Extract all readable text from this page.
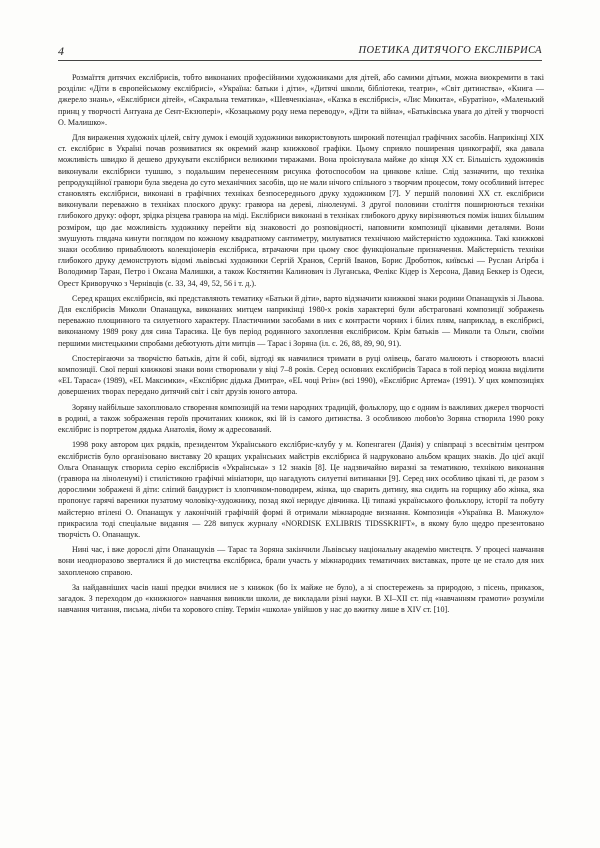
4	ПОЕТИКА ДИТЯЧОГО ЕКСЛІБРИСА

Розмаїття дитячих екслібрисів, тобто виконаних професійними художниками для дітей, або самими дітьми, можна виокремити в такі розділи: «Діти в європейському екслібрисі», «Україна: батьки і діти», «Дитячі школи, бібліотеки, театри», «Світ дитинства», «Книга — джерело знань», «Екслібриси дітей», «Сакральна тематика», «Шевченкіана», «Казка в екслібрисі», «Лис Микита», «Буратіно», «Маленький принц у творчості Антуана де Сент-Екзюпері», «Козацькому роду нема переводу», «Діти та війна», «Батьківська увага до дітей у творчості О. Малишко».

Для вираження художніх цілей, світу думок і емоцій художники використовують широкий потенціал графічних засобів. Наприкінці XIX ст. екслібрис в Україні почав розвиватися як окремий жанр книжкової графіки. Цьому сприяло поширення цинкографії, яка давала можливість швидко й дешево друкувати екслібриси великими тиражами. Вона проіснувала майже до кінця XX ст. Більшість художників виконували екслібриси тушшю, з подальшим перенесенням рисунка фотоспособом на цинкове кліше. Слід зазначити, що техніка репродукційної гравюри була зведена до суто механічних засобів, що не мали нічого спільного з творчим процесом, тому особливий інтерес становлять екслібриси, виконані в графічних техніках безпосереднього друку художником [7]. У першій половині XX ст. екслібриси виконували переважно в техніках плоского друку: гравюра на дереві, ліноленумі. З другої половини століття поширюються техніки глибокого друку: офорт, зрідка різцева гравюра на міді. Екслібриси виконані в техніках глибокого друку вирізняються поміж інших більшим розміром, що дає можливість художнику перейти від знаковості до розповідності, наповнити композиції цікавими деталями. Вони змушують глядача кинути поглядом по кожному квадратному сантиметру, милуватися технічною майстерністю художника. Такі книжкові знаки особливо приваблюють колекціонерів екслібриса, втрачаючи при цьому своє функціональне призначення. Майстерність техніки глибокого друку демонструють відомі львівські художники Сергій Хранов, Сергій Іванов, Борис Дроботюк, київські — Руслан Агірба і Володимир Таран, Петро і Оксана Малишки, а також Костянтин Калинович із Луганська, Фелікс Кідер із Херсона, Давид Беккер із Одеси, Орест Криворучко з Чернівців (с. 33, 34, 49, 52, 56 і т. д.).

Серед кращих екслібрисів, які представляють тематику «Батьки й діти», варто відзначити книжкові знаки родини Опанащуків зі Львова. Для екслібрисів Миколи Опанащука, виконаних митцем наприкінці 1980-х років характерні були абстраговані композиції зображень переважно площинного та силуетного характеру. Пластичними засобами в них є контрасти чорних і білих плям, наприклад, в екслібрисі, виконаному 1989 року для сина Тарасика. Це був період родинного захоплення екслібрисом. Крім батьків — Миколи та Ольги, своїми першими мистецькими спробами дебютують діти митців — Тарас і Зоряна (іл. с. 26, 88, 89, 90, 91).

Спостерігаючи за творчістю батьків, діти й собі, відтоді як навчилися тримати в руці олівець, багато малюють і створюють власні композиції. Свої перші книжкові знаки вони створювали у віці 7–8 років. Серед основних екслібрисів Тараса в той період можна виділити «EL Тараса» (1989), «EL Максимки», «Екслібрис дідька Дмитра», «EL чоці Ргін» (всі 1990), «Екслібрис Артема» (1991). У цих композиціях довершених творах передано дитячий світ і світ друзів юного автора.

Зоряну найбільше захоплювало створення композицій на теми народних традицій, фольклору, що є одним із важливих джерел творчості в родині, а також зображення героїв прочитаних книжок, які їй із самого дитинства. З особливою любов'ю Зоряна створила 1990 року екслібрис із портретом дядька Анатолія, йому ж адресований.

1998 року автором цих рядків, президентом Українського екслібрис-клубу у м. Копенгаген (Данія) у співпраці з всесвітнім центром екслібристів було організовано виставку 20 кращих українських майстрів екслібриса й надруковано альбом кращих знаків. До цієї акції Ольга Опанащук створила серію екслібрисів «Українська» з 12 знаків [8]. Це надзвичайно виразні за тематикою, технікою виконання (гравюра на ліноленумі) і стилістикою графічні мініатюри, що нагадують силуетні витинанки [9]. Серед них особливо цікаві ті, де разом з дорослими зображені й діти: сліпий бандурист із хлопчиком-поводирем, жінка, що сварить дитину, яка сидить на горщику або жінка, яка пропонує гарячі вареники пузатому чоловіку-художнику, позад якої неридує дівчинка. Ці типажі українського фольклору, історії та побуту майстерно втілені О. Опанащук у лаконічній графічній формі й отримали міжнародне визнання. Композиція «Українка В. Манжуло» прикрасила тоді спеціальне видання — 228 випуск журналу «NORDISK EXLIBRIS TIDSSKRIFT», в якому було щедро презентовано творчість О. Опанащук.

Нині час, і вже дорослі діти Опанащуків — Тарас та Зоряна закінчили Львівську національну академію мистецтв. У процесі навчання вони неодноразово зверталися й до мистецтва екслібриса, брали участь у міжнародних тематичних виставках, проте це не стало для них захопленою справою.

За найдавніших часів наші предки вчилися не з книжок (бо їх майже не було), а зі спостережень за природою, з пісень, приказок, загадок. З переходом до «книжного» навчання виникли школи, де викладали різні науки. В XI–XII ст. під «навчанням грамоти» розуміли навчання читання, письма, лічби та хорового співу. Термін «школа» увійшов у нас до вжитку лише в XIV ст. [10].
